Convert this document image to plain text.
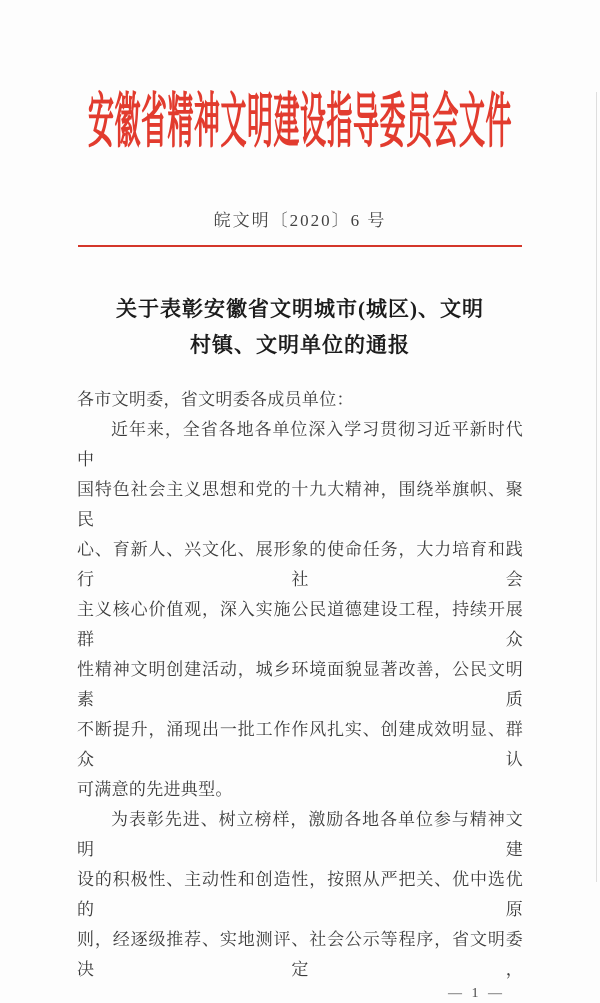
安徽省精神文明建设指导委员会文件
皖文明〔2020〕6 号
关于表彰安徽省文明城市(城区)、文明
村镇、文明单位的通报
各市文明委，省文明委各成员单位：
近年来，全省各地各单位深入学习贯彻习近平新时代中
国特色社会主义思想和党的十九大精神，围绕举旗帜、聚民
心、育新人、兴文化、展形象的使命任务，大力培育和践行社会
主义核心价值观，深入实施公民道德建设工程，持续开展群众
性精神文明创建活动，城乡环境面貌显著改善，公民文明素质
不断提升，涌现出一批工作作风扎实、创建成效明显、群众认
可满意的先进典型。
为表彰先进、树立榜样，激励各地各单位参与精神文明建
设的积极性、主动性和创造性，按照从严把关、优中选优的原
则，经逐级推荐、实地测评、社会公示等程序，省文明委决定，
— 1 —
